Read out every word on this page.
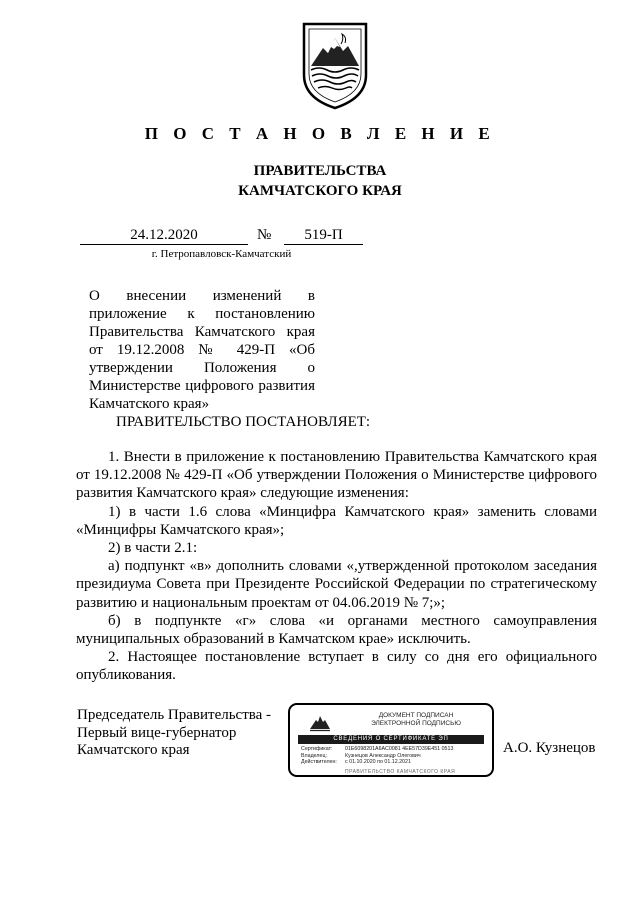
П О С Т А Н О В Л Е Н И Е
ПРАВИТЕЛЬСТВА
КАМЧАТСКОГО КРАЯ
24.12.2020	№	519-П
г. Петропавловск-Камчатский
О внесении изменений в
приложение к постановлению
Правительства Камчатского края
от 19.12.2008 № 429-П «Об
утверждении Положения о
Министерстве цифрового развития
Камчатского края»
ПРАВИТЕЛЬСТВО ПОСТАНОВЛЯЕТ:
1. Внести в приложение к постановлению Правительства Камчатского края
от 19.12.2008 № 429-П «Об утверждении Положения о Министерстве цифрового
развития Камчатского края» следующие изменения:
1) в части 1.6 слова «Минцифра Камчатского края» заменить словами
«Минцифры Камчатского края»;
2) в части 2.1:
а) подпункт «в» дополнить словами «,утвержденной протоколом заседания
президиума Совета при Президенте Российской Федерации по стратегическому
развитию и национальным проектам от 04.06.2019 № 7;»;
б) в подпункте «г» слова «и органами местного самоуправления
муниципальных образований в Камчатском крае» исключить.
2. Настоящее постановление вступает в силу со дня его официального
опубликования.
Председатель Правительства -
Первый вице-губернатор
Камчатского края
ДОКУМЕНТ ПОДПИСАН
ЭЛЕКТРОННОЙ ПОДПИСЬЮ
СВЕДЕНИЯ О СЕРТИФИКАТЕ ЭП
Сертификат: 01E6098201A6AC0081 4EE57D39E451 0513
Владелец:	Кузнецов Александр Олегович
Действителен: с 01.10.2020 по 01.12.2021
ПРАВИТЕЛЬСТВО КАМЧАТСКОГО КРАЯ
А.О. Кузнецов
